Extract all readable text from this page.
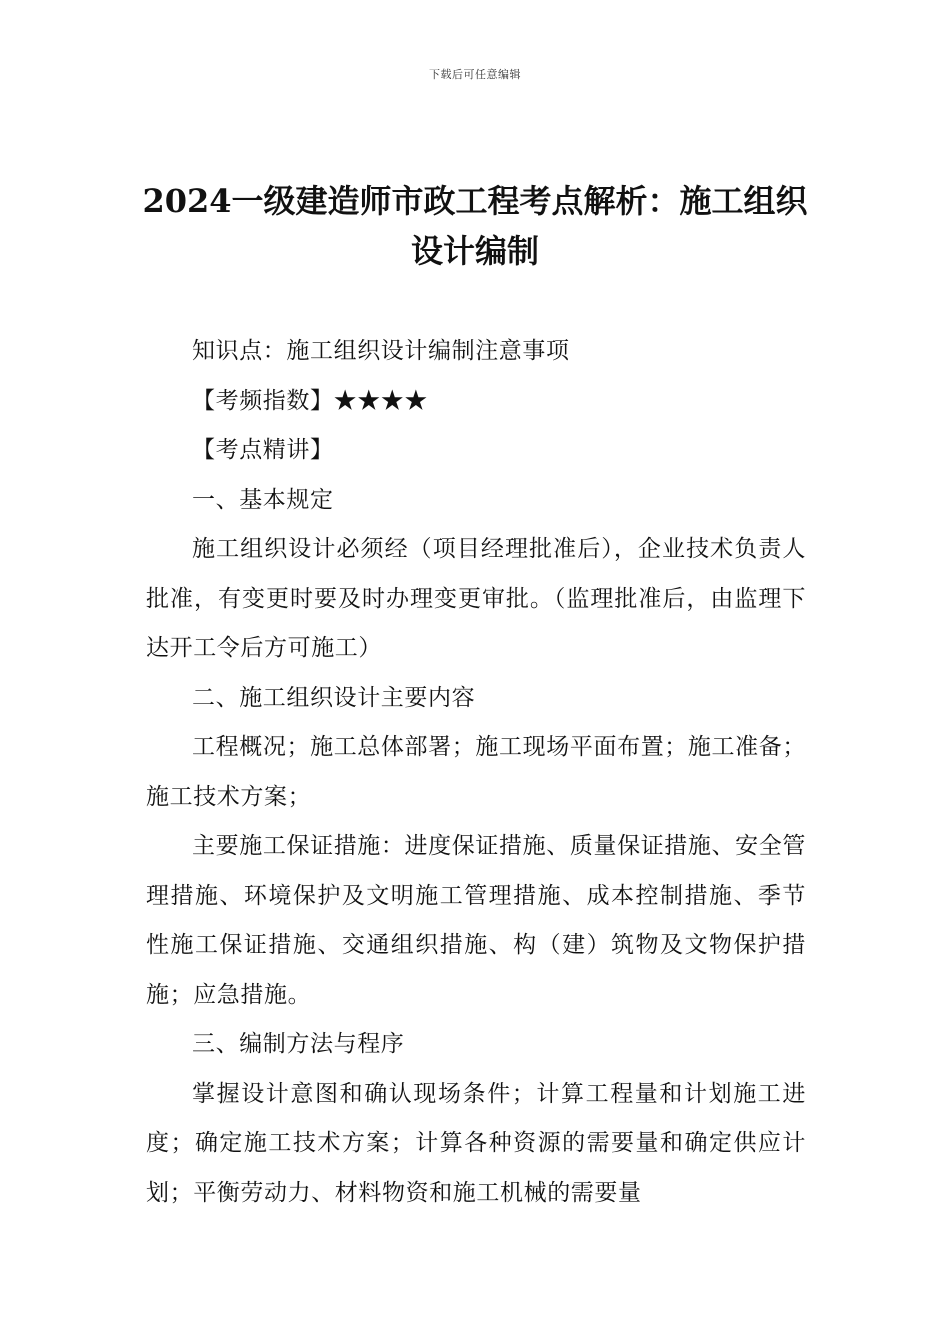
下载后可任意编辑
2024一级建造师市政工程考点解析：施工组织设计编制

知识点：施工组织设计编制注意事项

【考频指数】★★★★

【考点精讲】

一、基本规定

施工组织设计必须经（项目经理批准后），企业技术负责人批准，有变更时要及时办理变更审批。（监理批准后，由监理下达开工令后方可施工）

二、施工组织设计主要内容

工程概况；施工总体部署；施工现场平面布置；施工准备；施工技术方案；

主要施工保证措施：进度保证措施、质量保证措施、安全管理措施、环境保护及文明施工管理措施、成本控制措施、季节性施工保证措施、交通组织措施、构（建）筑物及文物保护措施；应急措施。

三、编制方法与程序

掌握设计意图和确认现场条件；计算工程量和计划施工进度；确定施工技术方案；计算各种资源的需要量和确定供应计划；平衡劳动力、材料物资和施工机械的需要量
